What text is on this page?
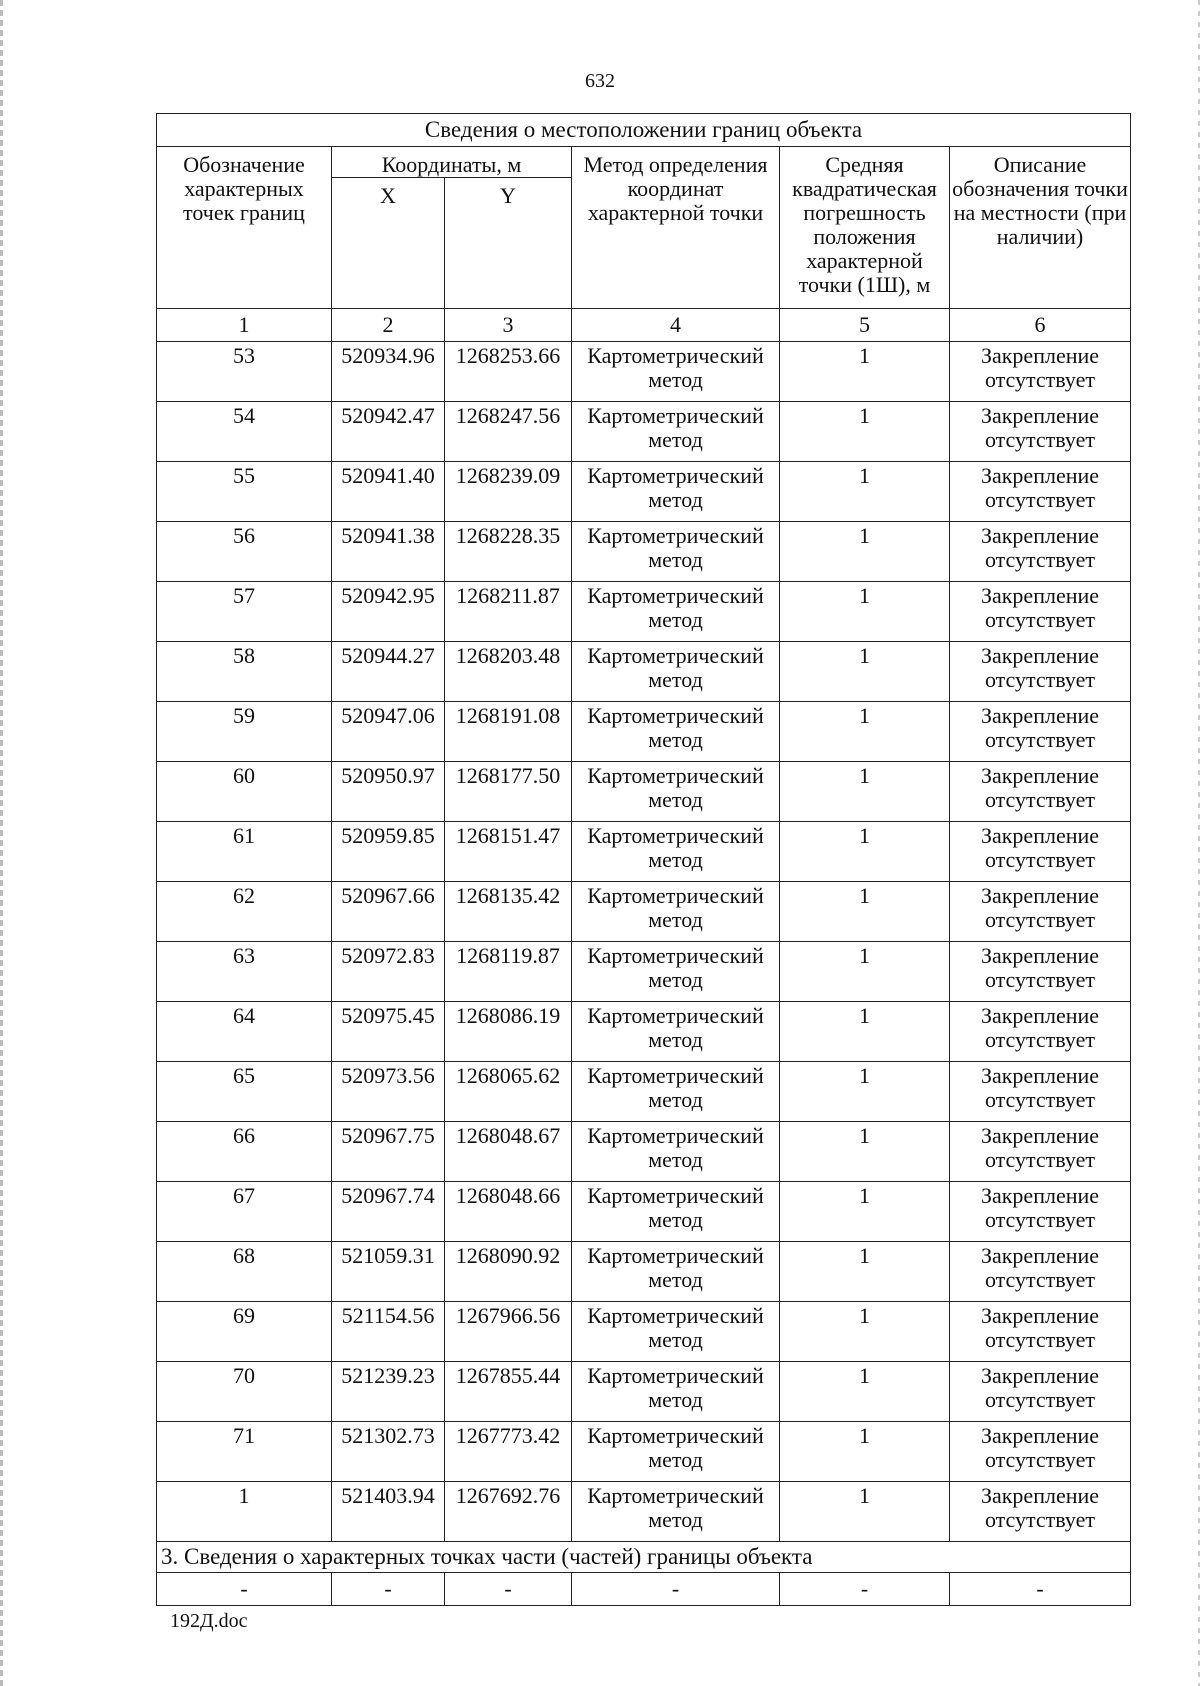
632
Сведения о местоположении границ объекта					
Обозначение характерных точек границ	Координаты, м		Метод определения координат характерной точки	Средняя квадратическая погрешность положения характерной точки (1Ш), м	Описание обозначения точки на местности (при наличии)
	X	Y			
1	2	3	4	5	6
53	520934.96	1268253.66	Картометрический метод	1	Закрепление отсутствует
54	520942.47	1268247.56	Картометрический метод	1	Закрепление отсутствует
55	520941.40	1268239.09	Картометрический метод	1	Закрепление отсутствует
56	520941.38	1268228.35	Картометрический метод	1	Закрепление отсутствует
57	520942.95	1268211.87	Картометрический метод	1	Закрепление отсутствует
58	520944.27	1268203.48	Картометрический метод	1	Закрепление отсутствует
59	520947.06	1268191.08	Картометрический метод	1	Закрепление отсутствует
60	520950.97	1268177.50	Картометрический метод	1	Закрепление отсутствует
61	520959.85	1268151.47	Картометрический метод	1	Закрепление отсутствует
62	520967.66	1268135.42	Картометрический метод	1	Закрепление отсутствует
63	520972.83	1268119.87	Картометрический метод	1	Закрепление отсутствует
64	520975.45	1268086.19	Картометрический метод	1	Закрепление отсутствует
65	520973.56	1268065.62	Картометрический метод	1	Закрепление отсутствует
66	520967.75	1268048.67	Картометрический метод	1	Закрепление отсутствует
67	520967.74	1268048.66	Картометрический метод	1	Закрепление отсутствует
68	521059.31	1268090.92	Картометрический метод	1	Закрепление отсутствует
69	521154.56	1267966.56	Картометрический метод	1	Закрепление отсутствует
70	521239.23	1267855.44	Картометрический метод	1	Закрепление отсутствует
71	521302.73	1267773.42	Картометрический метод	1	Закрепление отсутствует
1	521403.94	1267692.76	Картометрический метод	1	Закрепление отсутствует
3. Сведения о характерных точках части (частей) границы объекта					
-	-	-	-	-	-
192Д.doc
